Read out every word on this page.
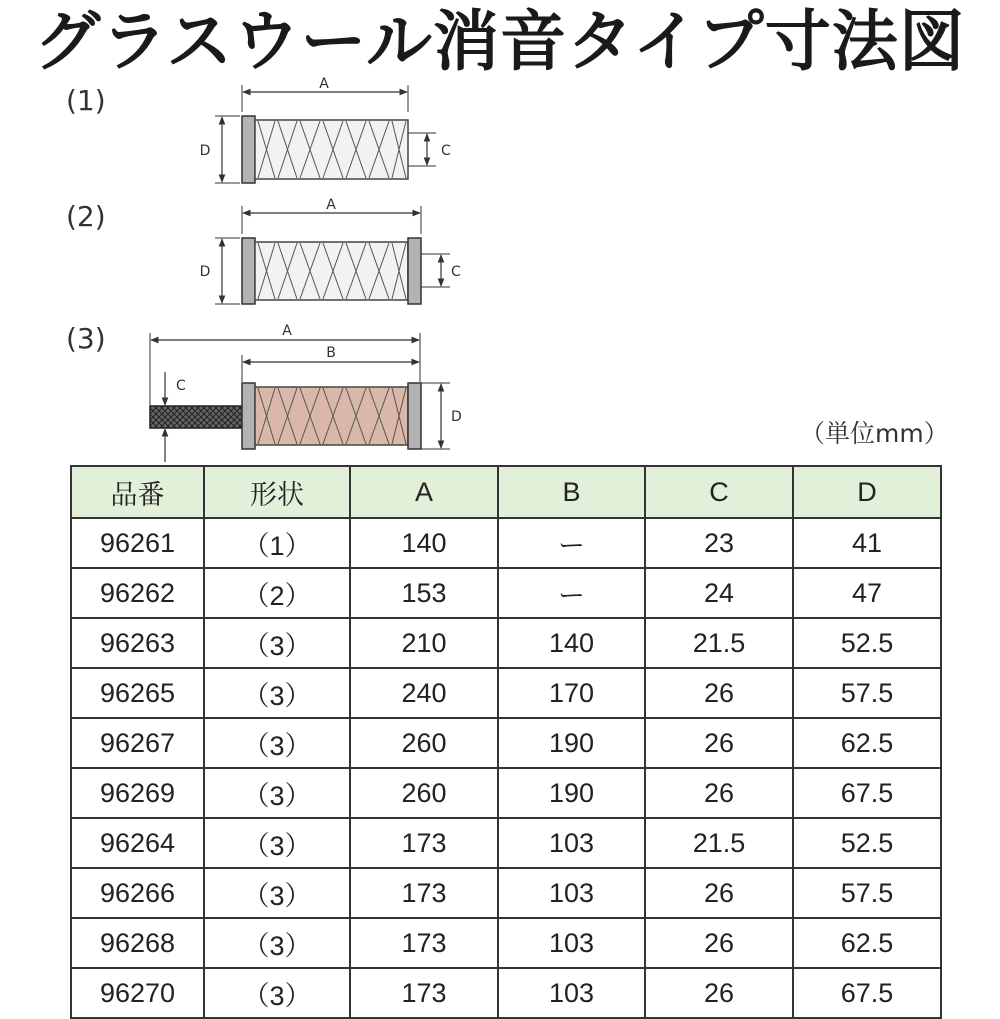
グラスウール消音タイプ寸法図
(1)
(2)
(3)
A
D	C
A
D	C
A
B
C
D
（単位mm）
品番	形状	A	B	C	D
96261	（1）	140	ー	23	41
96262	（2）	153	ー	24	47
96263	（3）	210	140	21.5	52.5
96265	（3）	240	170	26	57.5
96267	（3）	260	190	26	62.5
96269	（3）	260	190	26	67.5
96264	（3）	173	103	21.5	52.5
96266	（3）	173	103	26	57.5
96268	（3）	173	103	26	62.5
96270	（3）	173	103	26	67.5
